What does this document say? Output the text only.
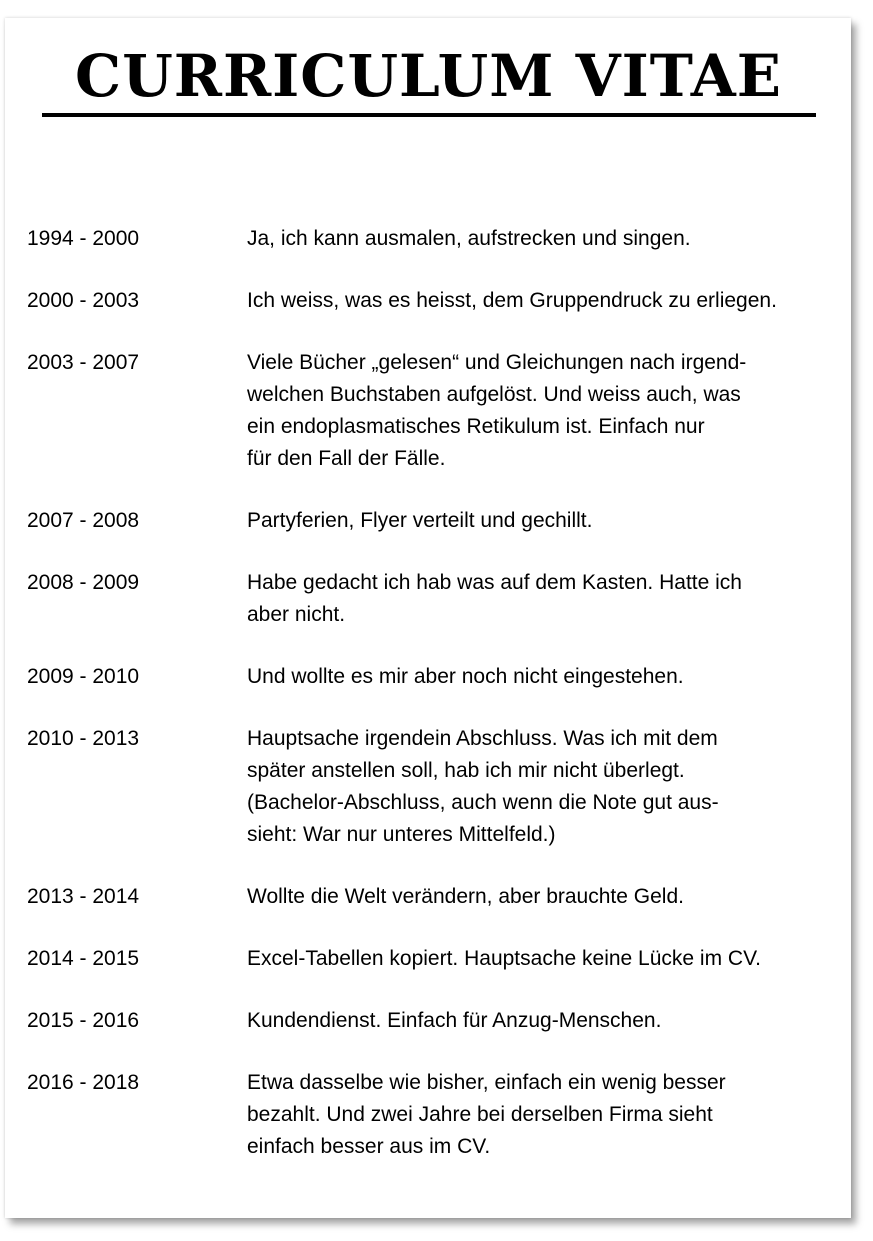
CURRICULUM VITAE
1994 - 2000	Ja, ich kann ausmalen, aufstrecken und singen.
2000 - 2003	Ich weiss, was es heisst, dem Gruppendruck zu erliegen.
2003 - 2007	Viele Bücher „gelesen“ und Gleichungen nach irgend-
welchen Buchstaben aufgelöst. Und weiss auch, was
ein endoplasmatisches Retikulum ist. Einfach nur
für den Fall der Fälle.
2007 - 2008	Partyferien, Flyer verteilt und gechillt.
2008 - 2009	Habe gedacht ich hab was auf dem Kasten. Hatte ich
aber nicht.
2009 - 2010	Und wollte es mir aber noch nicht eingestehen.
2010 - 2013	Hauptsache irgendein Abschluss. Was ich mit dem
später anstellen soll, hab ich mir nicht überlegt.
(Bachelor-Abschluss, auch wenn die Note gut aus-
sieht: War nur unteres Mittelfeld.)
2013 - 2014	Wollte die Welt verändern, aber brauchte Geld.
2014 - 2015	Excel-Tabellen kopiert. Hauptsache keine Lücke im CV.
2015 - 2016	Kundendienst. Einfach für Anzug-Menschen.
2016 - 2018	Etwa dasselbe wie bisher, einfach ein wenig besser
bezahlt. Und zwei Jahre bei derselben Firma sieht
einfach besser aus im CV.
